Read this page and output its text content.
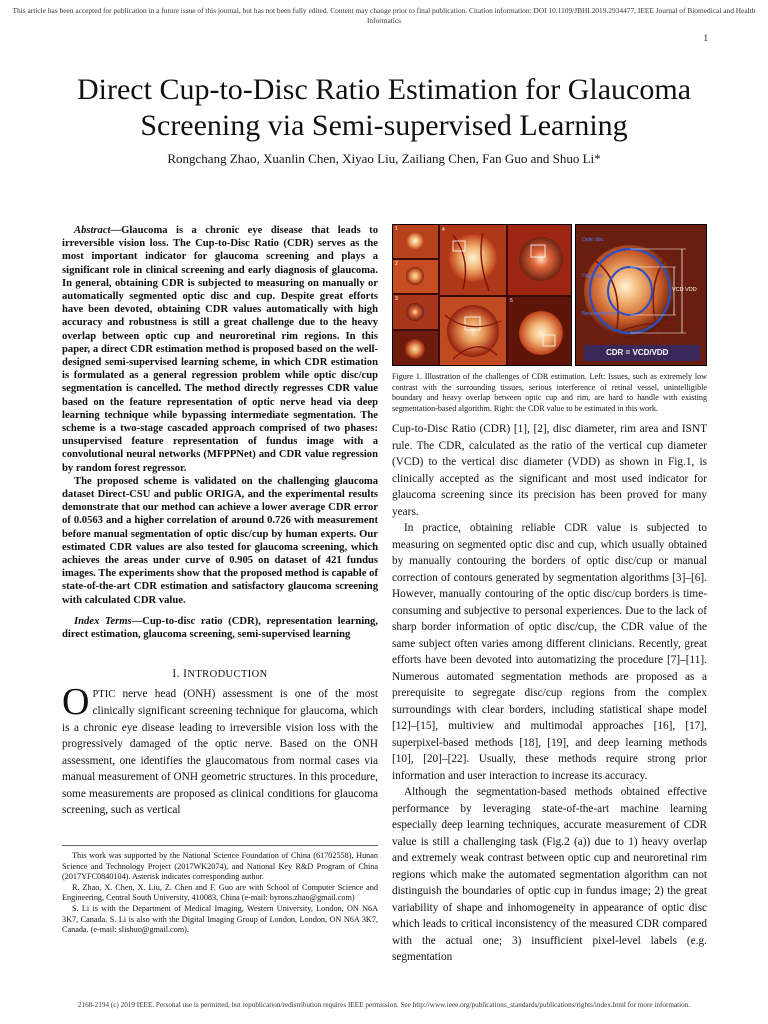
This article has been accepted for publication in a future issue of this journal, but has not been fully edited. Content may change prior to final publication. Citation information: DOI 10.1109/JBHI.2019.2934477, IEEE Journal of Biomedical and Health Informatics
1
Direct Cup-to-Disc Ratio Estimation for Glaucoma Screening via Semi-supervised Learning
Rongchang Zhao, Xuanlin Chen, Xiyao Liu, Zailiang Chen, Fan Guo and Shuo Li*

Abstract—Glaucoma is a chronic eye disease that leads to irreversible vision loss. The Cup-to-Disc Ratio (CDR) serves as the most important indicator for glaucoma screening and plays a significant role in clinical screening and early diagnosis of glaucoma. In general, obtaining CDR is subjected to measuring on manually or automatically segmented optic disc and cup. Despite great efforts have been devoted, obtaining CDR values automatically with high accuracy and robustness is still a great challenge due to the heavy overlap between optic cup and neuroretinal rim regions. In this paper, a direct CDR estimation method is proposed based on the well-designed semi-supervised learning scheme, in which CDR estimation is formulated as a general regression problem while optic disc/cup segmentation is cancelled. The method directly regresses CDR value based on the feature representation of optic nerve head via deep learning technique while bypassing intermediate segmentation. The scheme is a two-stage cascaded approach comprised of two phases: unsupervised feature representation of fundus image with a convolutional neural networks (MFPPNet) and CDR value regression by random forest regressor.

The proposed scheme is validated on the challenging glaucoma dataset Direct-CSU and public ORIGA, and the experimental results demonstrate that our method can achieve a lower average CDR error of 0.0563 and a higher correlation of around 0.726 with measurement before manual segmentation of optic disc/cup by human experts. Our estimated CDR values are also tested for glaucoma screening, which achieves the areas under curve of 0.905 on dataset of 421 fundus images. The experiments show that the proposed method is capable of state-of-the-art CDR estimation and satisfactory glaucoma screening with calculated CDR value.

Index Terms—Cup-to-disc ratio (CDR), representation learning, direct estimation, glaucoma screening, semi-supervised learning
I. INTRODUCTION
OPTIC nerve head (ONH) assessment is one of the most clinically significant screening technique for glaucoma, which is a chronic eye disease leading to irreversible vision loss with the progressively damaged of the optic nerve. Based on the ONH assessment, one identifies the glaucomatous from normal cases via manual measurement of ONH geometric structures. In this procedure, some measurements are proposed as clinical conditions for glaucoma screening, such as vertical

This work was supported by the National Science Foundation of China (61702558), Hunan Science and Technology Project (2017WK2074), and National Key R&D Program of China (2017YFC0840104). Asterisk indicates corresponding author.

R. Zhao, X. Chen, X. Liu, Z. Chen and F. Guo are with School of Computer Science and Engineering, Central South University, 410083, China (e-mail: byrons.zhao@gmail.com)

S. Li is with the Department of Medical Imaging, Western University, London, ON N6A 3K7, Canada. S. Li is also with the Digital Imaging Group of London, London, ON N6A 3K7, Canada. (e-mail: slishuo@gmail.com).

1
2
3
4
5
Optic disc
Optic cup
Neuroretinal rim
VCD VDD
CDR = VCD/VDD
Figure 1. Illustration of the challenges of CDR estimation. Left: Issues, such as extremely low contrast with the surrounding tissues, serious interference of retinal vessel, unintelligible boundary and heavy overlap between optic cup and rim, are hard to handle with existing segmentation-based algorithm. Right: the CDR value to be estimated in this work.

Cup-to-Disc Ratio (CDR) [1], [2], disc diameter, rim area and ISNT rule. The CDR, calculated as the ratio of the vertical cup diameter (VCD) to the vertical disc diameter (VDD) as shown in Fig.1, is clinically accepted as the significant and most used indicator for glaucoma screening since its precision has been proved for many years.

In practice, obtaining reliable CDR value is subjected to measuring on segmented optic disc and cup, which usually obtained by manually contouring the borders of optic disc/cup or manual correction of contours generated by segmentation algorithms [3]–[6]. However, manually contouring of the optic disc/cup borders is time-consuming and subjective to personal experiences. Due to the lack of sharp border information of optic disc/cup, the CDR value of the same subject often varies among different clinicians. Recently, great efforts have been devoted into automatizing the procedure [7]–[11]. Numerous automated segmentation methods are proposed as a prerequisite to segregate disc/cup regions from the complex surroundings with clear borders, including statistical shape model [12]–[15], multiview and multimodal approaches [16], [17], superpixel-based methods [18], [19], and deep learning methods [10], [20]–[22]. Usually, these methods require strong prior information and user interaction to increase its accuracy.

Although the segmentation-based methods obtained effective performance by leveraging state-of-the-art machine learning especially deep learning techniques, accurate measurement of CDR value is still a challenging task (Fig.2 (a)) due to 1) heavy overlap and extremely weak contrast between optic cup and neuroretinal rim regions which make the automated segmentation algorithm can not distinguish the boundaries of optic cup in fundus image; 2) the great variability of shape and inhomogeneity in appearance of optic disc which leads to critical inconsistency of the measured CDR compared with the actual one; 3) insufficient pixel-level labels (e.g. segmentation

2168-2194 (c) 2019 IEEE. Personal use is permitted, but republication/redistribution requires IEEE permission. See http://www.ieee.org/publications_standards/publications/rights/index.html for more information.
